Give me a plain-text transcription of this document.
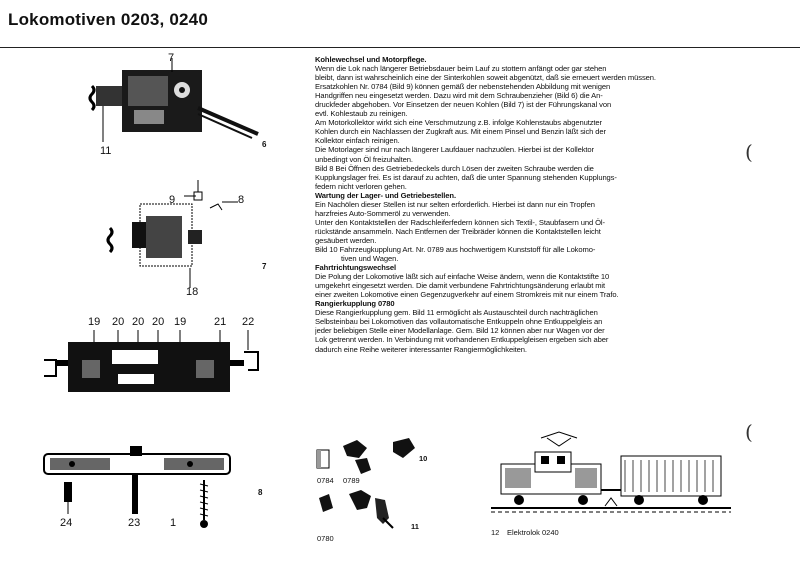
Lokomotiven 0203, 0240
7
11
6
9	8
18
7
19 20 20 20 19	21 22
24	23	1
8

Kohlewechsel und Motorpflege.

Wenn die Lok nach längerer Betriebsdauer beim Lauf zu stottern anfängt oder gar stehen

bleibt, dann ist wahrscheinlich eine der Sinterkohlen soweit abgenützt, daß sie erneuert werden müssen.

Ersatzkohlen Nr. 0784 (Bild 9) können gemäß der nebenstehenden Abbildung mit wenigen

Handgriffen neu eingesetzt werden. Dazu wird mit dem Schraubenzieher (Bild 6) die An-

druckfeder abgehoben. Vor Einsetzen der neuen Kohlen (Bild 7) ist der Führungskanal von

evtl. Kohlestaub zu reinigen.

Am Motorkollektor wirkt sich eine Verschmutzung z.B. infolge Kohlenstaubs abgenutzter

Kohlen durch ein Nachlassen der Zugkraft aus. Mit einem Pinsel und Benzin läßt sich der

Kollektor einfach reinigen.

Die Motorlager sind nur nach längerer Laufdauer nachzuölen. Hierbei ist der Kollektor

unbedingt von Öl freizuhalten.

Bild 8 Bei Öffnen des Getriebedeckels durch Lösen der zweiten Schraube werden die

Kupplungslager frei. Es ist darauf zu achten, daß die unter Spannung stehenden Kupplungs-

federn nicht verloren gehen.

Wartung der Lager- und Getriebestellen.

Ein Nachölen dieser Stellen ist nur selten erforderlich. Hierbei ist dann nur ein Tropfen

harzfreies Auto-Sommeröl zu verwenden.

Unter den Kontaktstellen der Radschleiferfedern können sich Textil-, Staubfasern und Öl-

rückstände ansammeln. Nach Entfernen der Treibräder können die Kontaktstellen leicht

gesäubert werden.

Bild 10 Fahrzeugkupplung Art. Nr. 0789 aus hochwertigem Kunststoff für alle Lokomo-

tiven und Wagen.

Fahrtrichtungswechsel

Die Polung der Lokomotive läßt sich auf einfache Weise ändern, wenn die Kontaktstifte 10

umgekehrt eingesetzt werden. Die damit verbundene Fahrtrichtungsänderung erlaubt mit

einer zweiten Lokomotive einen Gegenzugverkehr auf einem Stromkreis mit nur einem Trafo.

Rangierkupplung 0780

Diese Rangierkupplung gem. Bild 11 ermöglicht als Austauschteil durch nachträglichen

Selbsteinbau bei Lokomotiven das vollautomatische Entkuppeln ohne Entkuppelgleis an

jeder beliebigen Stelle einer Modellanlage. Gem. Bild 12 können aber nur Wagen vor der

Lok getrennt werden. In Verbindung mit vorhandenen Entkuppelgleisen ergeben sich aber

dadurch eine Reihe weiterer interessanter Rangiermöglichkeiten.

(
(
0784 0789
10
0780
11
12 Elektrolok 0240
